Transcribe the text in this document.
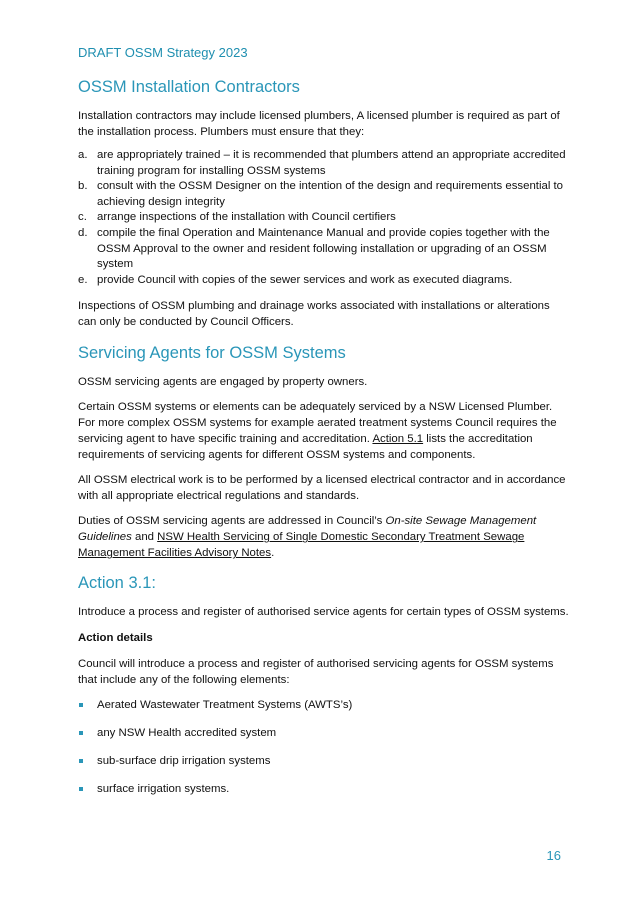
DRAFT OSSM Strategy 2023
OSSM Installation Contractors

Installation contractors may include licensed plumbers, A licensed plumber is required as part of the installation process. Plumbers must ensure that they:

a. are appropriately trained – it is recommended that plumbers attend an appropriate accredited training program for installing OSSM systems
b. consult with the OSSM Designer on the intention of the design and requirements essential to achieving design integrity
c. arrange inspections of the installation with Council certifiers
d. compile the final Operation and Maintenance Manual and provide copies together with the OSSM Approval to the owner and resident following installation or upgrading of an OSSM system
e. provide Council with copies of the sewer services and work as executed diagrams.

Inspections of OSSM plumbing and drainage works associated with installations or alterations can only be conducted by Council Officers.

Servicing Agents for OSSM Systems

OSSM servicing agents are engaged by property owners.

Certain OSSM systems or elements can be adequately serviced by a NSW Licensed Plumber. For more complex OSSM systems for example aerated treatment systems Council requires the servicing agent to have specific training and accreditation. Action 5.1 lists the accreditation requirements of servicing agents for different OSSM systems and components.

All OSSM electrical work is to be performed by a licensed electrical contractor and in accordance with all appropriate electrical regulations and standards.

Duties of OSSM servicing agents are addressed in Council’s On-site Sewage Management Guidelines and NSW Health Servicing of Single Domestic Secondary Treatment Sewage Management Facilities Advisory Notes.

Action 3.1:

Introduce a process and register of authorised service agents for certain types of OSSM systems.

Action details

Council will introduce a process and register of authorised servicing agents for OSSM systems that include any of the following elements:

Aerated Wastewater Treatment Systems (AWTS’s)
any NSW Health accredited system
sub-surface drip irrigation systems
surface irrigation systems.
16
